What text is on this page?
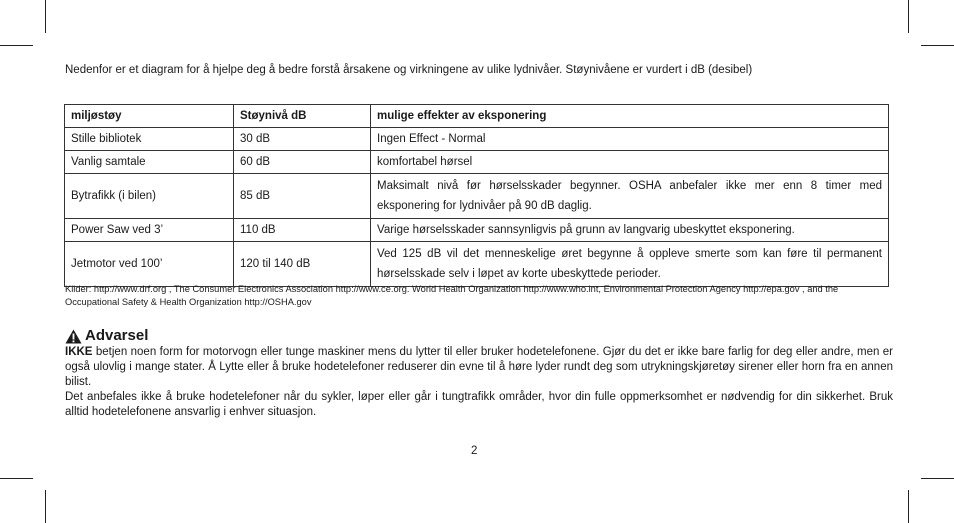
Nedenfor er et diagram for å hjelpe deg å bedre forstå årsakene og virkningene av ulike lydnivåer. Støynivåene er vurdert i dB (desibel)
miljøstøy	Støynivå dB	mulige effekter av eksponering
Stille bibliotek	30 dB	Ingen Effect - Normal
Vanlig samtale	60 dB	komfortabel hørsel
Bytrafikk (i bilen)	85 dB	Maksimalt nivå før hørselsskader begynner. OSHA anbefaler ikke mer enn 8 timer med eksponering for lydnivåer på 90 dB daglig.
Power Saw ved 3’	110 dB	Varige hørselsskader sannsynligvis på grunn av langvarig ubeskyttet eksponering.
Jetmotor ved 100’	120 til 140 dB	Ved 125 dB vil det menneskelige øret begynne å oppleve smerte som kan føre til permanent hørselsskade selv i løpet av korte ubeskyttede perioder.
Kilder: http://www.drf.org , The Consumer Electronics Association http://www.ce.org. World Health Organization http://www.who.int, Environmental Protection Agency http://epa.gov , and the Occupational Safety & Health Organization http://OSHA.gov
Advarsel

IKKE betjen noen form for motorvogn eller tunge maskiner mens du lytter til eller bruker hodetelefonene. Gjør du det er ikke bare farlig for deg eller andre, men er også ulovlig i mange stater. Å Lytte eller å bruke hodetelefoner reduserer din evne til å høre lyder rundt deg som utrykningskjøretøy sirener eller horn fra en annen bilist.

Det anbefales ikke å bruke hodetelefoner når du sykler, løper eller går i tungtrafikk områder, hvor din fulle oppmerksomhet er nødvendig for din sikkerhet. Bruk alltid hodetelefonene ansvarlig i enhver situasjon.

2
